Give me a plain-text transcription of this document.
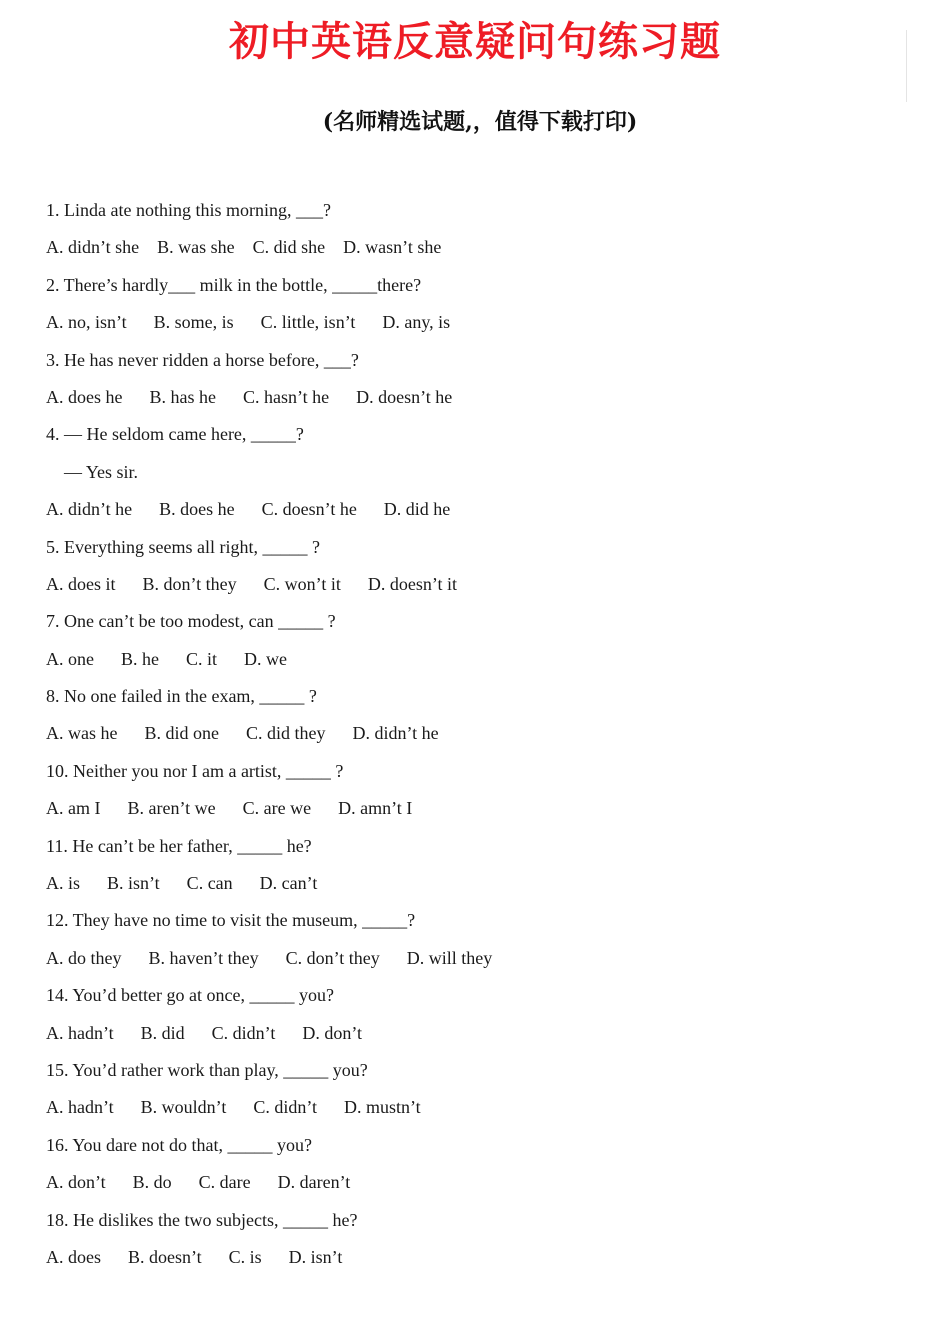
初中英语反意疑问句练习题
(名师精选试题,，值得下载打印)
1. Linda ate nothing this morning, ___?
A. didn’t she    B. was she    C. did she    D. wasn’t she
2. There’s hardly___ milk in the bottle, _____there?
A. no, isn’t      B. some, is      C. little, isn’t      D. any, is
3. He has never ridden a horse before, ___?
A. does he      B. has he      C. hasn’t he      D. doesn’t he
4. — He seldom came here, _____?
— Yes sir.
A. didn’t he      B. does he      C. doesn’t he      D. did he
5. Everything seems all right, _____ ?
A. does it      B. don’t they      C. won’t it      D. doesn’t it
7. One can’t be too modest, can _____ ?
A. one      B. he      C. it      D. we
8. No one failed in the exam, _____ ?
A. was he      B. did one      C. did they      D. didn’t he
10. Neither you nor I am a artist, _____ ?
A. am I      B. aren’t we      C. are we      D. amn’t I
11. He can’t be her father, _____ he?
A. is      B. isn’t      C. can      D. can’t
12. They have no time to visit the museum, _____?
A. do they      B. haven’t they      C. don’t they      D. will they
14. You’d better go at once, _____ you?
A. hadn’t      B. did      C. didn’t      D. don’t
15. You’d rather work than play, _____ you?
A. hadn’t      B. wouldn’t      C. didn’t      D. mustn’t
16. You dare not do that, _____ you?
A. don’t      B. do      C. dare      D. daren’t
18. He dislikes the two subjects, _____ he?
A. does      B. doesn’t      C. is      D. isn’t
